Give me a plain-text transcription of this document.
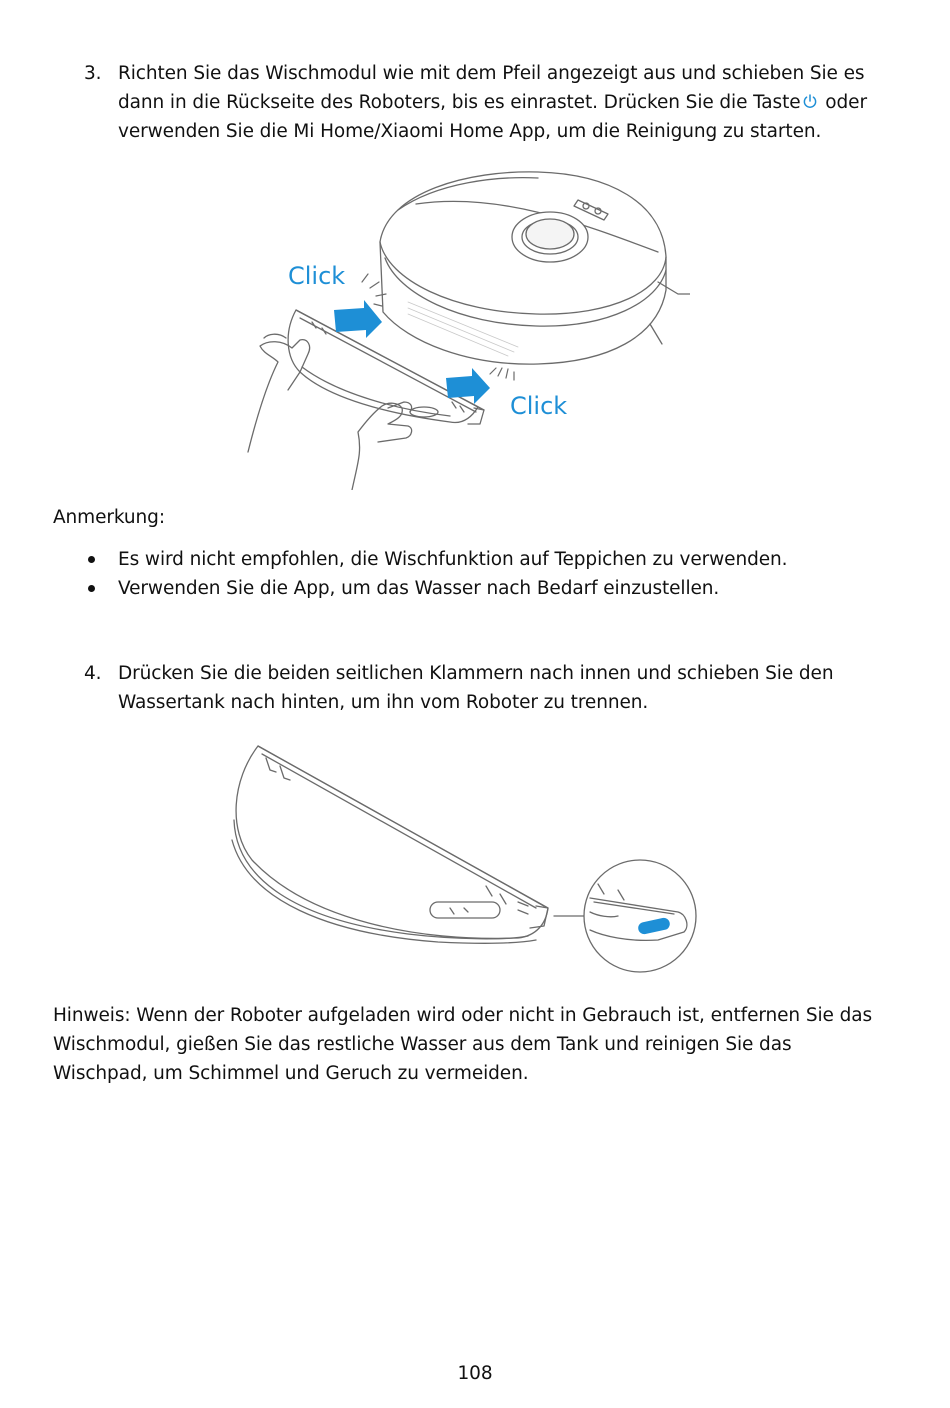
3. Richten Sie das Wischmodul wie mit dem Pfeil angezeigt aus und schieben Sie es dann in die Rückseite des Roboters, bis es einrastet. Drücken Sie die Taste oder verwenden Sie die Mi Home/Xiaomi Home App, um die Reinigung zu starten.
Click
Click
Anmerkung:
Es wird nicht empfohlen, die Wischfunktion auf Teppichen zu verwenden.
Verwenden Sie die App, um das Wasser nach Bedarf einzustellen.
4. Drücken Sie die beiden seitlichen Klammern nach innen und schieben Sie den Wassertank nach hinten, um ihn vom Roboter zu trennen.
Hinweis: Wenn der Roboter aufgeladen wird oder nicht in Gebrauch ist, entfernen Sie das Wischmodul, gießen Sie das restliche Wasser aus dem Tank und reinigen Sie das Wischpad, um Schimmel und Geruch zu vermeiden.
108
